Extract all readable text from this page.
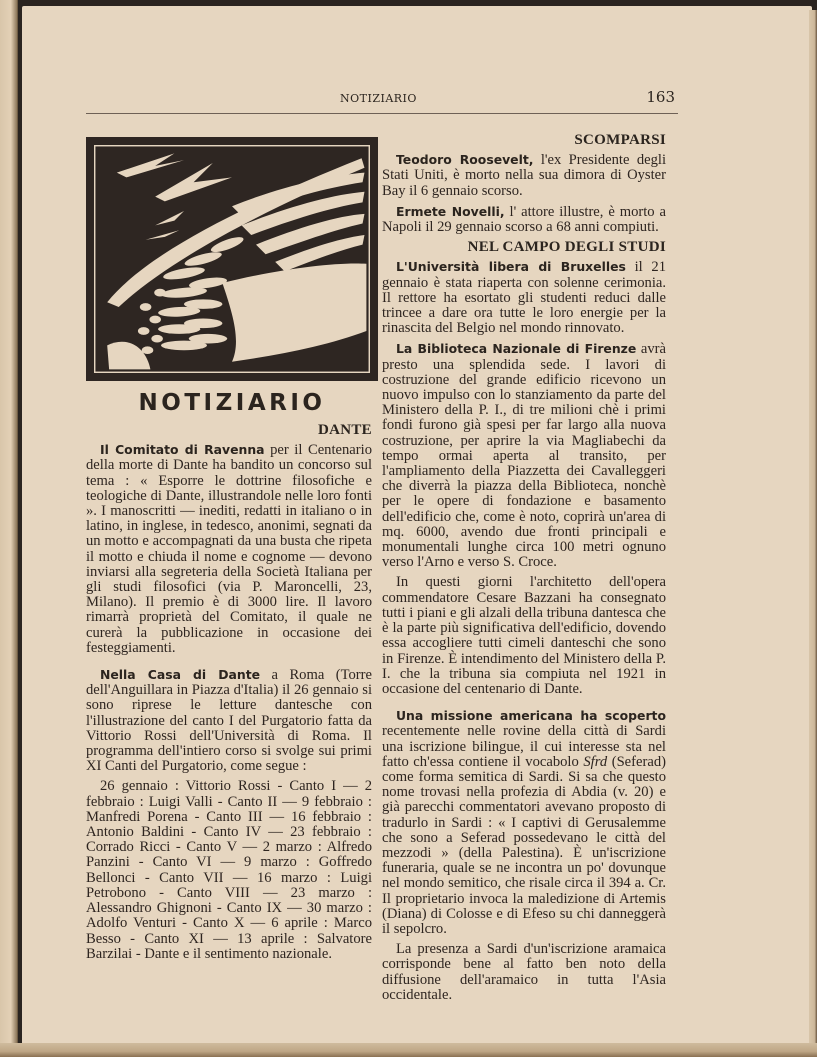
NOTIZIARIO	163
NOTIZIARIO
DANTE

Il Comitato di Ravenna per il Centenario della morte di Dante ha bandito un concorso sul tema : « Esporre le dottrine filosofiche e teologiche di Dante, illustrandole nelle loro fonti ». I manoscritti — inediti, redatti in italiano o in latino, in inglese, in tedesco, anonimi, segnati da un motto e accompagnati da una busta che ripeta il motto e chiuda il nome e cognome — devono inviarsi alla segreteria della Società Italiana per gli studi filosofici (via P. Maroncelli, 23, Milano). Il premio è di 3000 lire. Il lavoro rimarrà proprietà del Comitato, il quale ne curerà la pubblicazione in occasione dei festeggiamenti.

Nella Casa di Dante a Roma (Torre dell'Anguillara in Piazza d'Italia) il 26 gennaio si sono riprese le letture dantesche con l'illustrazione del canto I del Purgatorio fatta da Vittorio Rossi dell'Università di Roma. Il programma dell'intiero corso si svolge sui primi XI Canti del Purgatorio, come segue :

26 gennaio : Vittorio Rossi - Canto I — 2 febbraio : Luigi Valli - Canto II — 9 febbraio : Manfredi Porena - Canto III — 16 febbraio : Antonio Baldini - Canto IV — 23 febbraio : Corrado Ricci - Canto V — 2 marzo : Alfredo Panzini - Canto VI — 9 marzo : Goffredo Bellonci - Canto VII — 16 marzo : Luigi Petrobono - Canto VIII — 23 marzo : Alessandro Ghignoni - Canto IX — 30 marzo : Adolfo Venturi - Canto X — 6 aprile : Marco Besso - Canto XI — 13 aprile : Salvatore Barzilai - Dante e il sentimento nazionale.

SCOMPARSI

Teodoro Roosevelt, l'ex Presidente degli Stati Uniti, è morto nella sua dimora di Oyster Bay il 6 gennaio scorso.

Ermete Novelli, l' attore illustre, è morto a Napoli il 29 gennaio scorso a 68 anni compiuti.

NEL CAMPO DEGLI STUDI

L'Università libera di Bruxelles il 21 gennaio è stata riaperta con solenne cerimonia. Il rettore ha esortato gli studenti reduci dalle trincee a dare ora tutte le loro energie per la rinascita del Belgio nel mondo rinnovato.

La Biblioteca Nazionale di Firenze avrà presto una splendida sede. I lavori di costruzione del grande edificio ricevono un nuovo impulso con lo stanziamento da parte del Ministero della P. I., di tre milioni chè i primi fondi furono già spesi per far largo alla nuova costruzione, per aprire la via Magliabechi da tempo ormai aperta al transito, per l'ampliamento della Piazzetta dei Cavalleggeri che diverrà la piazza della Biblioteca, nonchè per le opere di fondazione e basamento dell'edificio che, come è noto, coprirà un'area di mq. 6000, avendo due fronti principali e monumentali lunghe circa 100 metri ognuno verso l'Arno e verso S. Croce.

In questi giorni l'architetto dell'opera commendatore Cesare Bazzani ha consegnato tutti i piani e gli alzali della tribuna dantesca che è la parte più significativa dell'edificio, dovendo essa accogliere tutti cimeli danteschi che sono in Firenze. È intendimento del Ministero della P. I. che la tribuna sia compiuta nel 1921 in occasione del centenario di Dante.

Una missione americana ha scoperto recentemente nelle rovine della città di Sardi una iscrizione bilingue, il cui interesse sta nel fatto ch'essa contiene il vocabolo Sfrd (Seferad) come forma semitica di Sardi. Si sa che questo nome trovasi nella profezia di Abdia (v. 20) e già parecchi commentatori avevano proposto di tradurlo in Sardi : « I captivi di Gerusalemme che sono a Seferad possedevano le città del mezzodi » (della Palestina). È un'iscrizione funeraria, quale se ne incontra un po' dovunque nel mondo semitico, che risale circa il 394 a. Cr. Il proprietario invoca la maledizione di Artemis (Diana) di Colosse e di Efeso su chi danneggerà il sepolcro.

La presenza a Sardi d'un'iscrizione aramaica corrisponde bene al fatto ben noto della diffusione dell'aramaico in tutta l'Asia occidentale.
